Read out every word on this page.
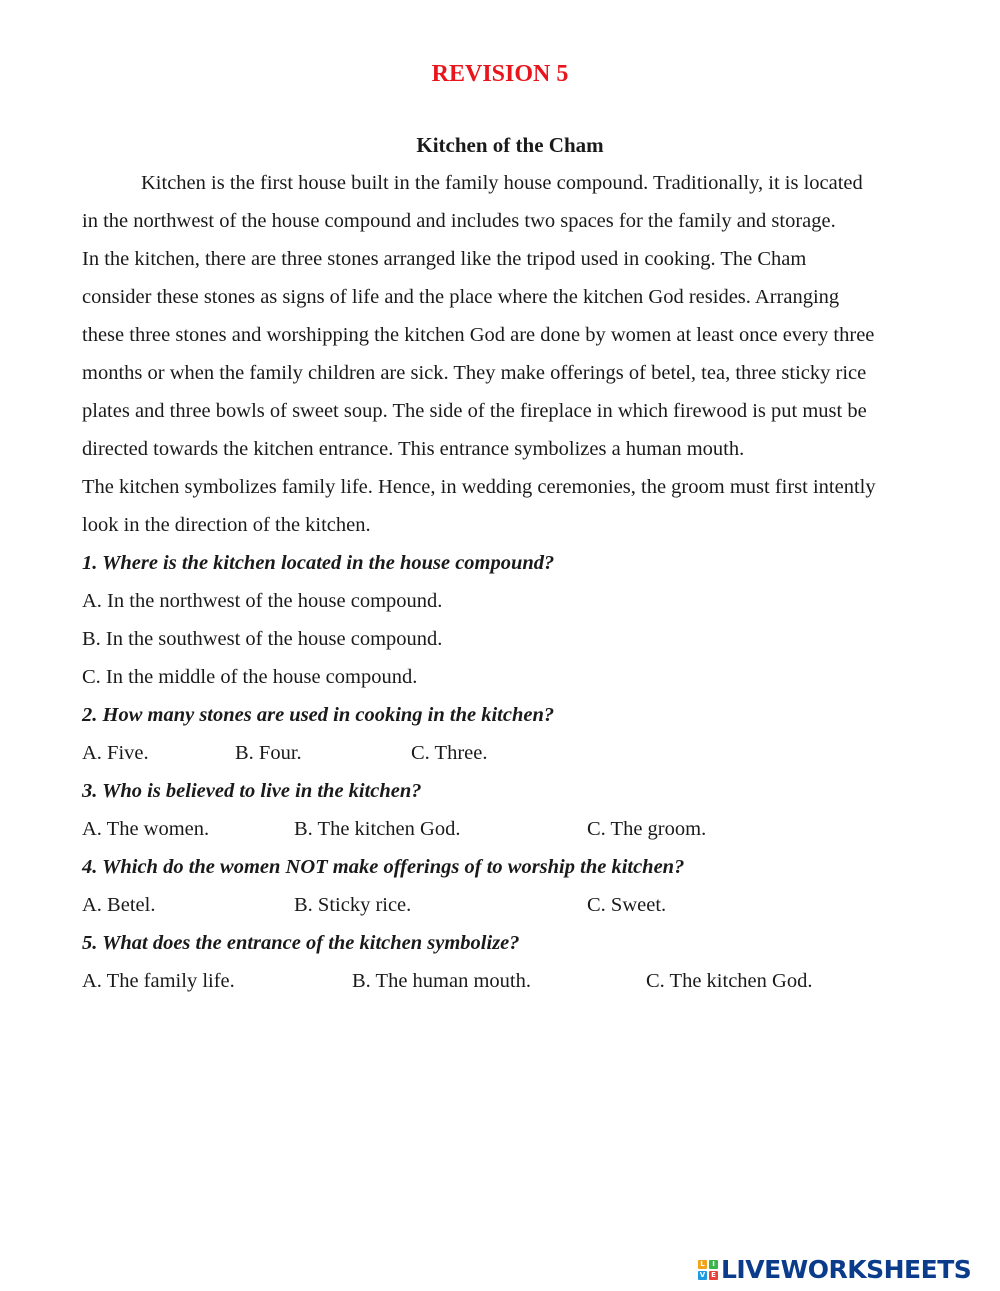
REVISION 5
Kitchen of the Cham
Kitchen is the first house built in the family house compound. Traditionally, it is located
in the northwest of the house compound and includes two spaces for the family and storage.
In the kitchen, there are three stones arranged like the tripod used in cooking. The Cham
consider these stones as signs of life and the place where the kitchen God resides. Arranging
these three stones and worshipping the kitchen God are done by women at least once every three
months or when the family children are sick. They make offerings of betel, tea, three sticky rice
plates and three bowls of sweet soup. The side of the fireplace in which firewood is put must be
directed towards the kitchen entrance. This entrance symbolizes a human mouth.
The kitchen symbolizes family life. Hence, in wedding ceremonies, the groom must first intently
look in the direction of the kitchen.
1. Where is the kitchen located in the house compound?
A. In the northwest of the house compound.
B. In the southwest of the house compound.
C. In the middle of the house compound.
2. How many stones are used in cooking in the kitchen?
A. Five.	B. Four.	C. Three.
3. Who is believed to live in the kitchen?
A. The women.	B. The kitchen God.	C. The groom.
4. Which do the women NOT make offerings of to worship the kitchen?
A. Betel.	B. Sticky rice.	C. Sweet.
5. What does the entrance of the kitchen symbolize?
A. The family life.	B. The human mouth.	C. The kitchen God.
L	I
V E LIVEWORKSHEETS
